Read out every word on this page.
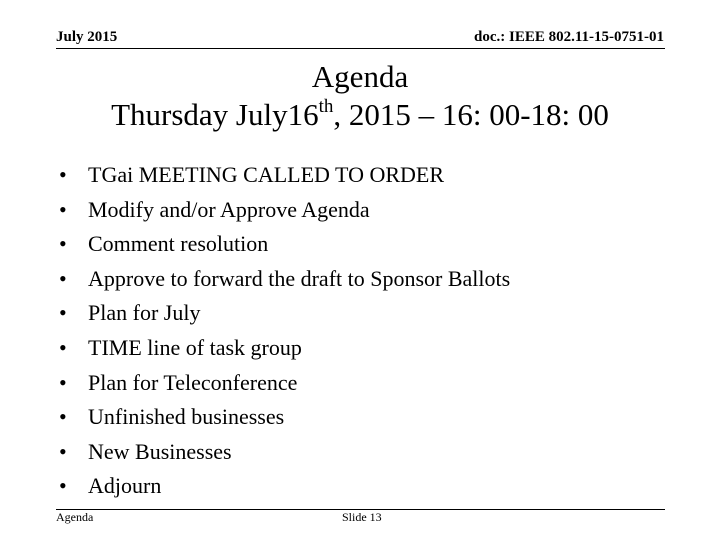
July 2015	doc.: IEEE 802.11-15-0751-01
Agenda
Thursday July16th, 2015 – 16: 00-18: 00
• TGai MEETING CALLED TO ORDER
• Modify and/or Approve Agenda
• Comment resolution
• Approve to forward the draft to Sponsor Ballots
• Plan for July
• TIME line of task group
• Plan for Teleconference
• Unfinished businesses
• New Businesses
• Adjourn
Agenda	Slide 13
